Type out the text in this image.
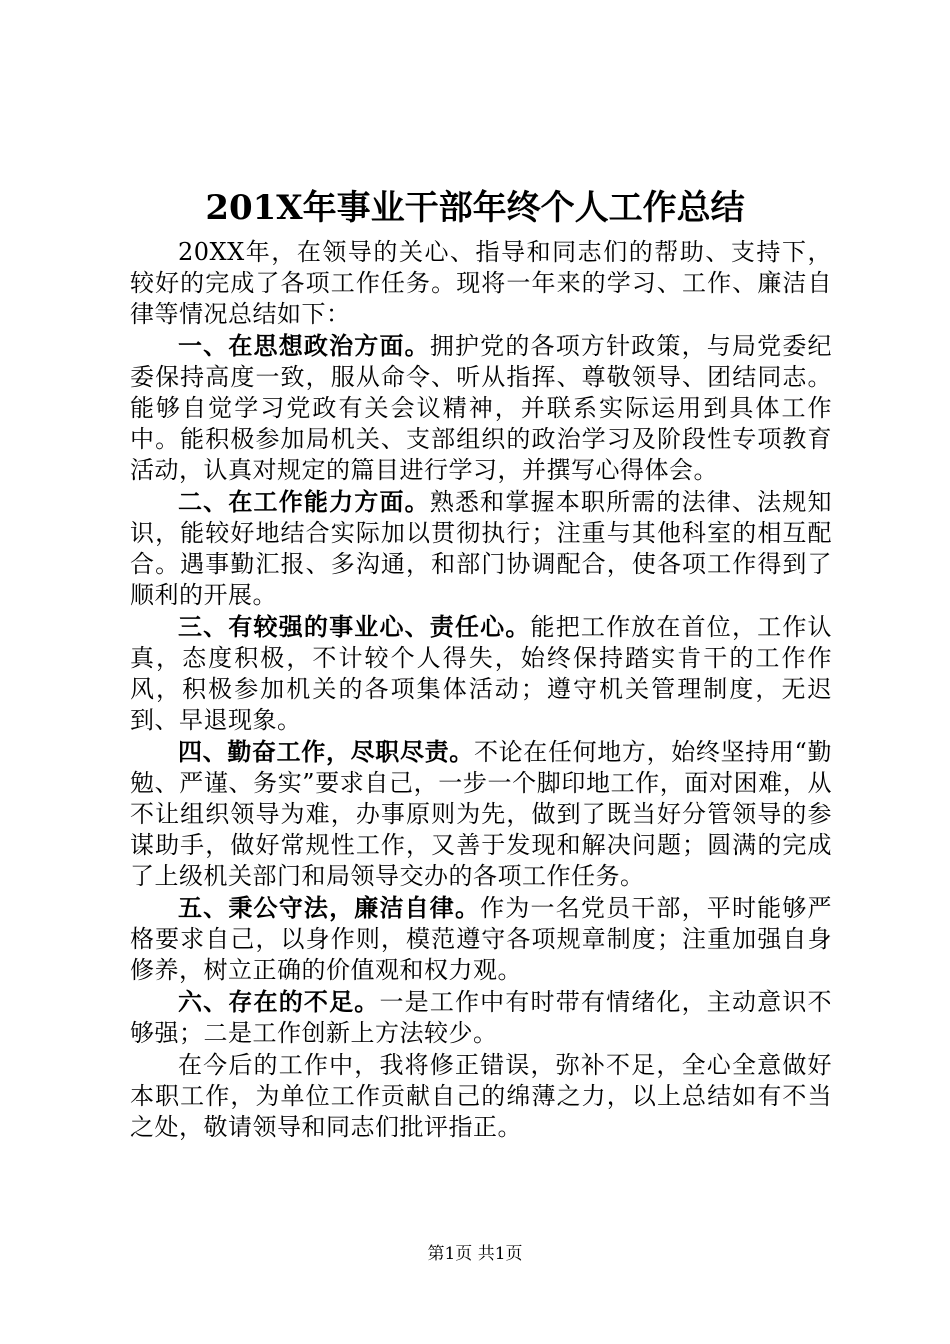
201X年事业干部年终个人工作总结

20XX年，在领导的关心、指导和同志们的帮助、支持下，较好的完成了各项工作任务。现将一年来的学习、工作、廉洁自律等情况总结如下：

一、在思想政治方面。拥护党的各项方针政策，与局党委纪委保持高度一致，服从命令、听从指挥、尊敬领导、团结同志。能够自觉学习党政有关会议精神，并联系实际运用到具体工作中。能积极参加局机关、支部组织的政治学习及阶段性专项教育活动，认真对规定的篇目进行学习，并撰写心得体会。

二、在工作能力方面。熟悉和掌握本职所需的法律、法规知识，能较好地结合实际加以贯彻执行；注重与其他科室的相互配合。遇事勤汇报、多沟通，和部门协调配合，使各项工作得到了顺利的开展。

三、有较强的事业心、责任心。能把工作放在首位，工作认真，态度积极，不计较个人得失，始终保持踏实肯干的工作作风，积极参加机关的各项集体活动；遵守机关管理制度，无迟到、早退现象。

四、勤奋工作，尽职尽责。不论在任何地方，始终坚持用“勤勉、严谨、务实”要求自己，一步一个脚印地工作，面对困难，从不让组织领导为难，办事原则为先，做到了既当好分管领导的参谋助手，做好常规性工作，又善于发现和解决问题；圆满的完成了上级机关部门和局领导交办的各项工作任务。

五、秉公守法，廉洁自律。作为一名党员干部，平时能够严格要求自己，以身作则，模范遵守各项规章制度；注重加强自身修养，树立正确的价值观和权力观。

六、存在的不足。一是工作中有时带有情绪化，主动意识不够强；二是工作创新上方法较少。

在今后的工作中，我将修正错误，弥补不足，全心全意做好本职工作，为单位工作贡献自己的绵薄之力，以上总结如有不当之处，敬请领导和同志们批评指正。

第1页 共1页
